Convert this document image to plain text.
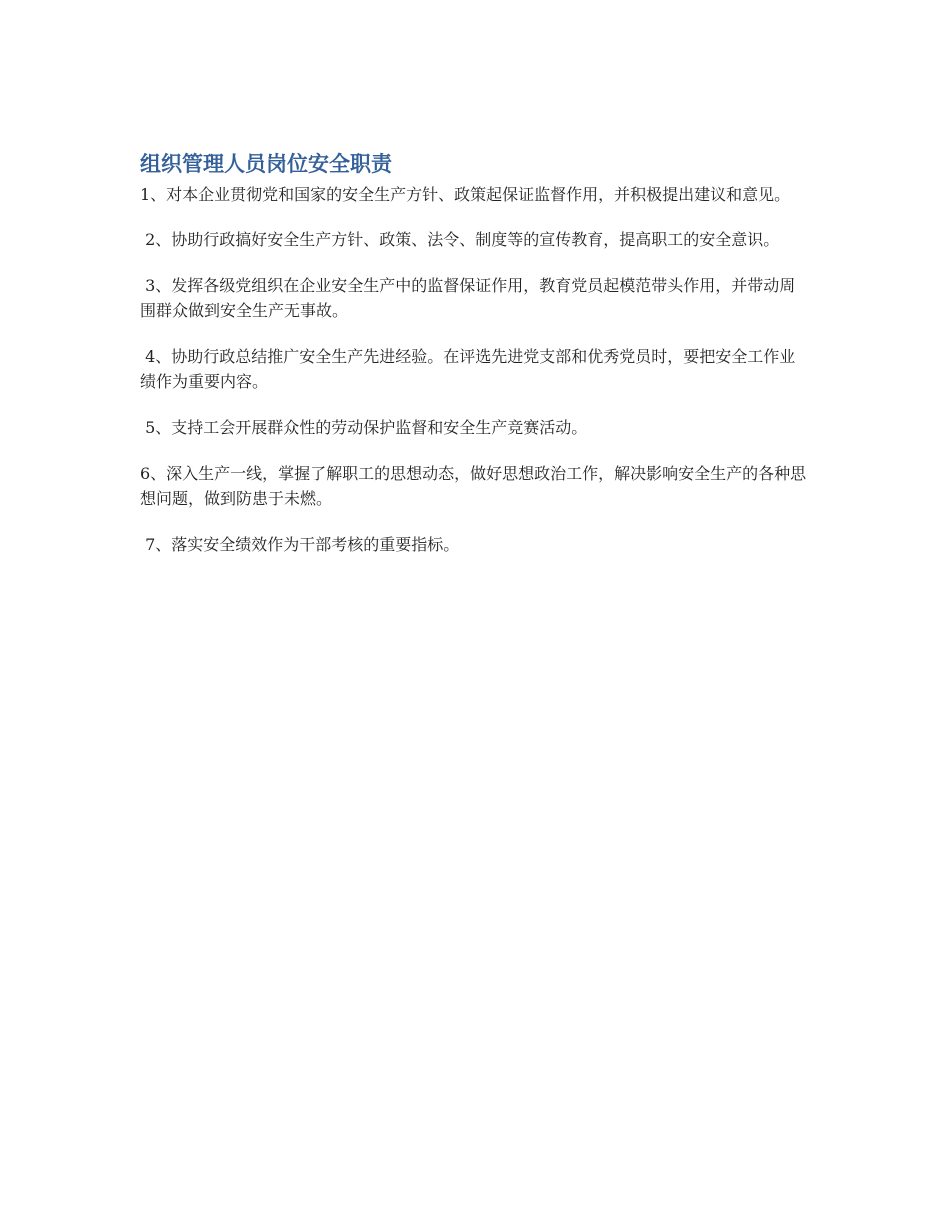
组织管理人员岗位安全职责

1、对本企业贯彻党和国家的安全生产方针、政策起保证监督作用，并积极提出建议和意见。

2、协助行政搞好安全生产方针、政策、法令、制度等的宣传教育，提高职工的安全意识。

3、发挥各级党组织在企业安全生产中的监督保证作用，教育党员起模范带头作用，并带动周围群众做到安全生产无事故。

4、协助行政总结推广安全生产先进经验。在评选先进党支部和优秀党员时，要把安全工作业绩作为重要内容。

5、支持工会开展群众性的劳动保护监督和安全生产竞赛活动。

6、深入生产一线，掌握了解职工的思想动态，做好思想政治工作，解决影响安全生产的各种思想问题，做到防患于未燃。

7、落实安全绩效作为干部考核的重要指标。
